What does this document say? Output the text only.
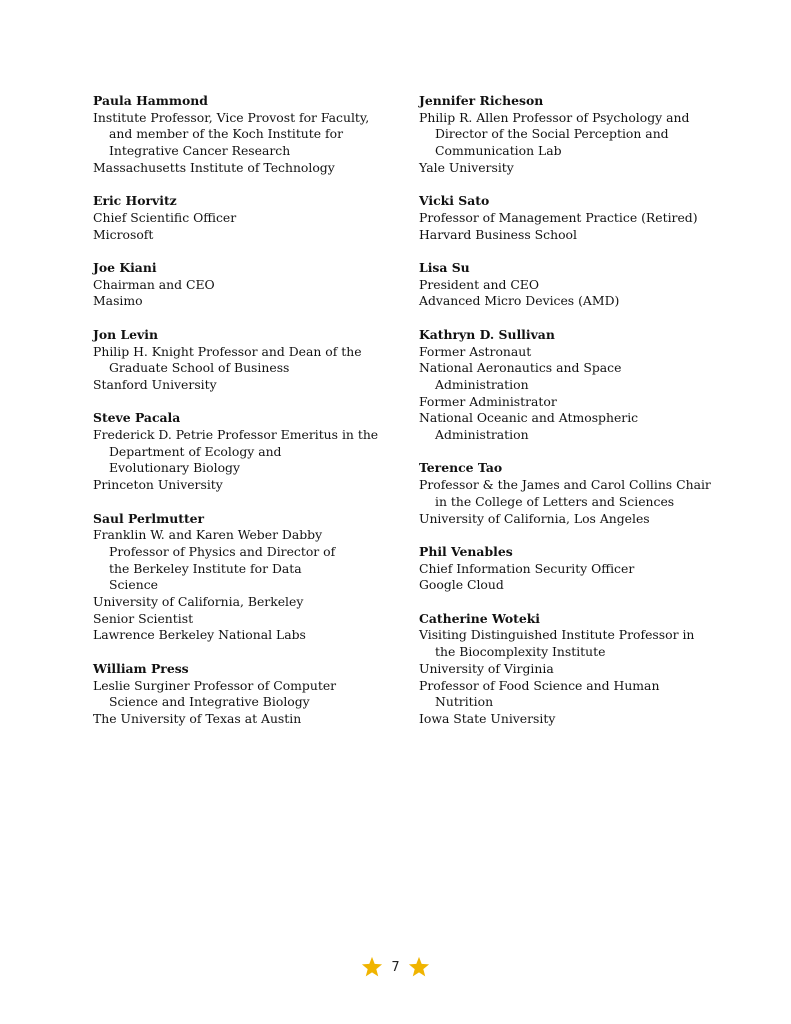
Paula Hammond
Institute Professor, Vice Provost for Faculty,
and member of the Koch Institute for
Integrative Cancer Research
Massachusetts Institute of Technology
Eric Horvitz
Chief Scientific Officer
Microsoft
Joe Kiani
Chairman and CEO
Masimo
Jon Levin
Philip H. Knight Professor and Dean of the
Graduate School of Business
Stanford University
Steve Pacala
Frederick D. Petrie Professor Emeritus in the
Department of Ecology and
Evolutionary Biology
Princeton University
Saul Perlmutter
Franklin W. and Karen Weber Dabby
Professor of Physics and Director of
the Berkeley Institute for Data
Science
University of California, Berkeley
Senior Scientist
Lawrence Berkeley National Labs
William Press
Leslie Surginer Professor of Computer
Science and Integrative Biology
The University of Texas at Austin
Jennifer Richeson
Philip R. Allen Professor of Psychology and
Director of the Social Perception and
Communication Lab
Yale University
Vicki Sato
Professor of Management Practice (Retired)
Harvard Business School
Lisa Su
President and CEO
Advanced Micro Devices (AMD)
Kathryn D. Sullivan
Former Astronaut
National Aeronautics and Space
Administration
Former Administrator
National Oceanic and Atmospheric
Administration
Terence Tao
Professor & the James and Carol Collins Chair
in the College of Letters and Sciences
University of California, Los Angeles
Phil Venables
Chief Information Security Officer
Google Cloud
Catherine Woteki
Visiting Distinguished Institute Professor in
the Biocomplexity Institute
University of Virginia
Professor of Food Science and Human
Nutrition
Iowa State University
7
